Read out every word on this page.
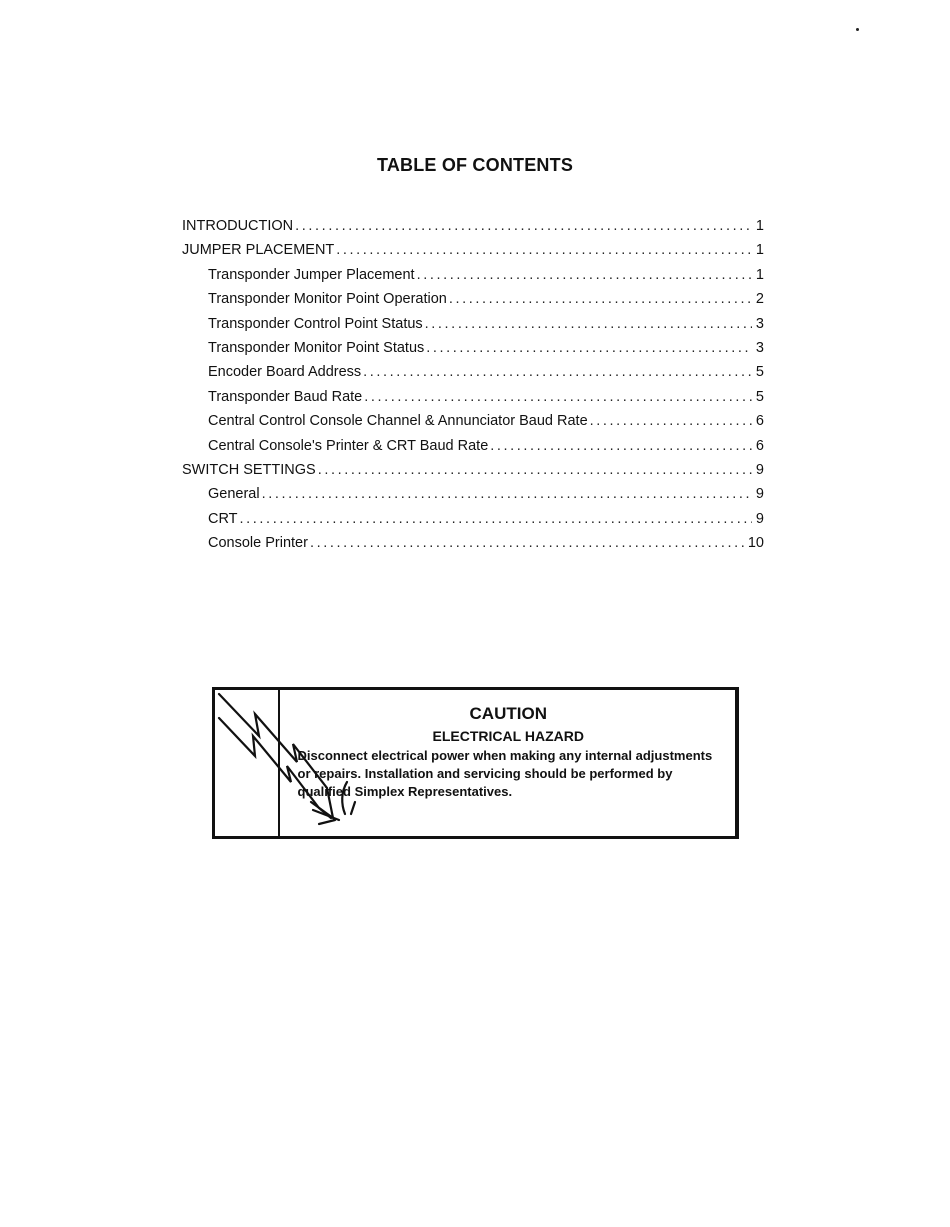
TABLE OF CONTENTS
INTRODUCTION .....	1
JUMPER PLACEMENT .....	1
Transponder Jumper Placement .....	1
Transponder Monitor Point Operation .....	2
Transponder Control Point Status .....	3
Transponder Monitor Point Status .....	3
Encoder Board Address .....	5
Transponder Baud Rate .....	5
Central Control Console Channel & Annunciator Baud Rate .....	6
Central Console's Printer & CRT Baud Rate .....	6
SWITCH SETTINGS .....	9
General .....	9
CRT .....	9
Console Printer .....	10
CAUTION
ELECTRICAL HAZARD
Disconnect electrical power when making any internal adjustments or repairs. Installation and servicing should be performed by qualified Simplex Representatives.
